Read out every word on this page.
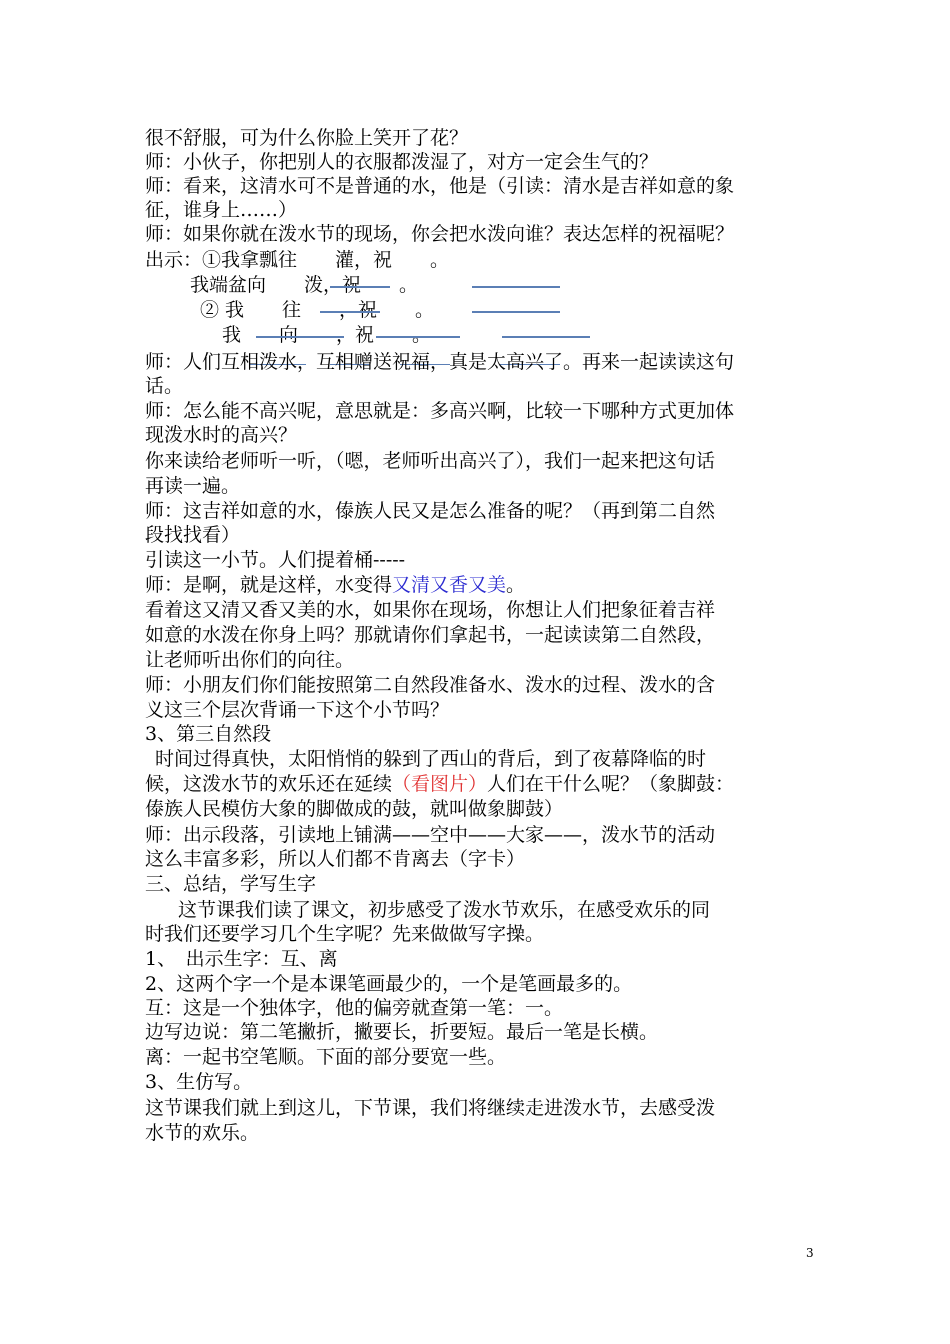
很不舒服，可为什么你脸上笑开了花？
师：小伙子，你把别人的衣服都泼湿了，对方一定会生气的？
师：看来，这清水可不是普通的水，他是（引读：清水是吉祥如意的象
征，谁身上……）
师：如果你就在泼水节的现场，你会把水泼向谁？表达怎样的祝福呢？
出示：①我拿瓢往　　灌，祝　　。
我端盆向　　泼，祝　　。
② 我　　往　　，祝　　。
我　　向　　，祝　　。
师：人们互相泼水，互相赠送祝福，真是太高兴了。再来一起读读这句
话。
师：怎么能不高兴呢，意思就是：多高兴啊，比较一下哪种方式更加体
现泼水时的高兴？
你来读给老师听一听，（嗯，老师听出高兴了），我们一起来把这句话
再读一遍。
师：这吉祥如意的水，傣族人民又是怎么准备的呢？（再到第二自然
段找找看）
引读这一小节。人们提着桶-----
师：是啊，就是这样，水变得又清又香又美。
看着这又清又香又美的水，如果你在现场，你想让人们把象征着吉祥
如意的水泼在你身上吗？那就请你们拿起书，一起读读第二自然段，
让老师听出你们的向往。
师：小朋友们你们能按照第二自然段准备水、泼水的过程、泼水的含
义这三个层次背诵一下这个小节吗？
3、第三自然段
时间过得真快，太阳悄悄的躲到了西山的背后，到了夜幕降临的时
候，这泼水节的欢乐还在延续（看图片）人们在干什么呢？（象脚鼓：
傣族人民模仿大象的脚做成的鼓，就叫做象脚鼓）
师：出示段落，引读地上铺满——空中——大家——，泼水节的活动
这么丰富多彩，所以人们都不肯离去（字卡）
三、总结，学写生字
这节课我们读了课文，初步感受了泼水节欢乐，在感受欢乐的同
时我们还要学习几个生字呢？先来做做写字操。
1、　出示生字：互、离
2、这两个字一个是本课笔画最少的，一个是笔画最多的。
互：这是一个独体字，他的偏旁就查第一笔：一。
边写边说：第二笔撇折，撇要长，折要短。最后一笔是长横。
离：一起书空笔顺。下面的部分要宽一些。
3、生仿写。
这节课我们就上到这儿，下节课，我们将继续走进泼水节，去感受泼
水节的欢乐。
3
